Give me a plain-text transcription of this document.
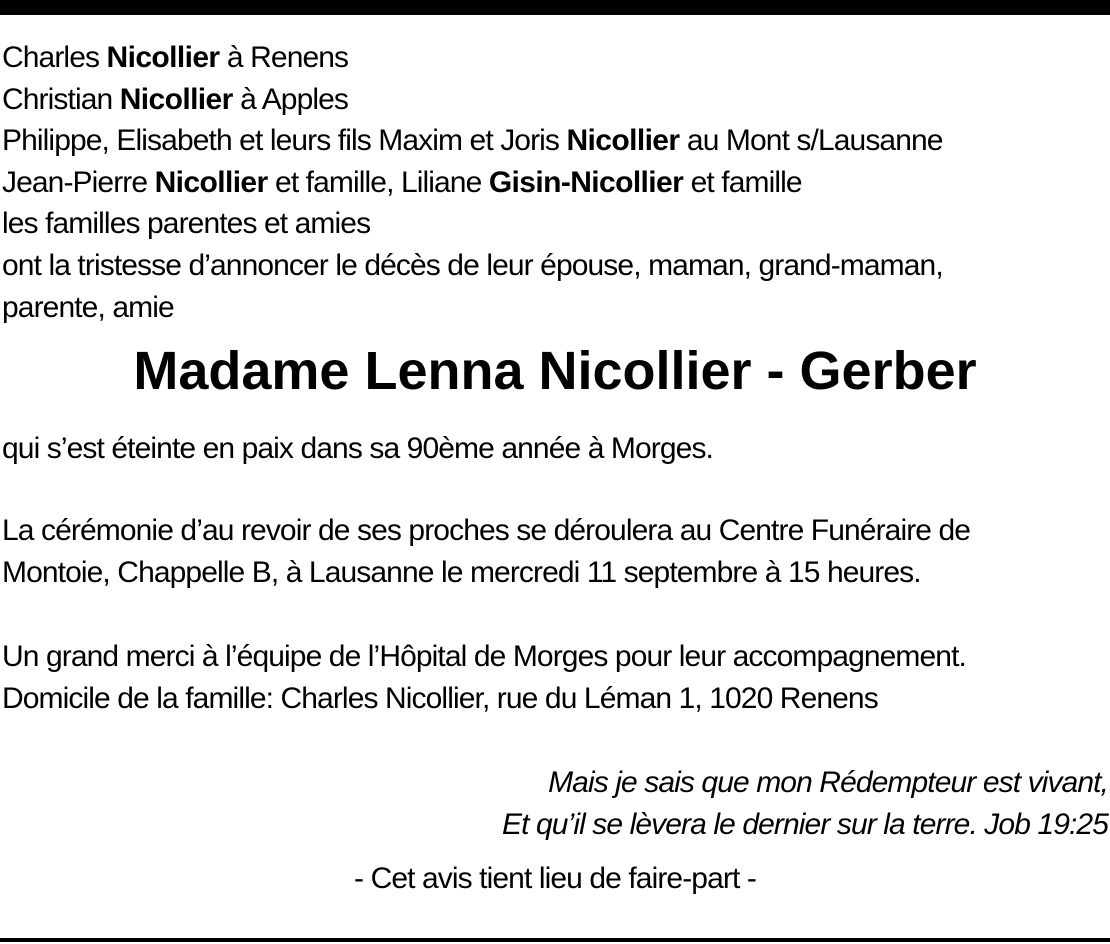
Charles Nicollier à Renens
Christian Nicollier à Apples
Philippe, Elisabeth et leurs fils Maxim et Joris Nicollier au Mont s/Lausanne
Jean-Pierre Nicollier et famille, Liliane Gisin-Nicollier et famille
les familles parentes et amies
ont la tristesse d’annoncer le décès de leur épouse, maman, grand-maman,
parente, amie
Madame Lenna Nicollier - Gerber
qui s’est éteinte en paix dans sa 90ème année à Morges.
La cérémonie d’au revoir de ses proches se déroulera au Centre Funéraire de
Montoie, Chappelle B, à Lausanne le mercredi 11 septembre à 15 heures.
Un grand merci à l’équipe de l’Hôpital de Morges pour leur accompagnement.
Domicile de la famille: Charles Nicollier, rue du Léman 1, 1020 Renens
Mais je sais que mon Rédempteur est vivant,
Et qu’il se lèvera le dernier sur la terre. Job 19:25
- Cet avis tient lieu de faire-part -
